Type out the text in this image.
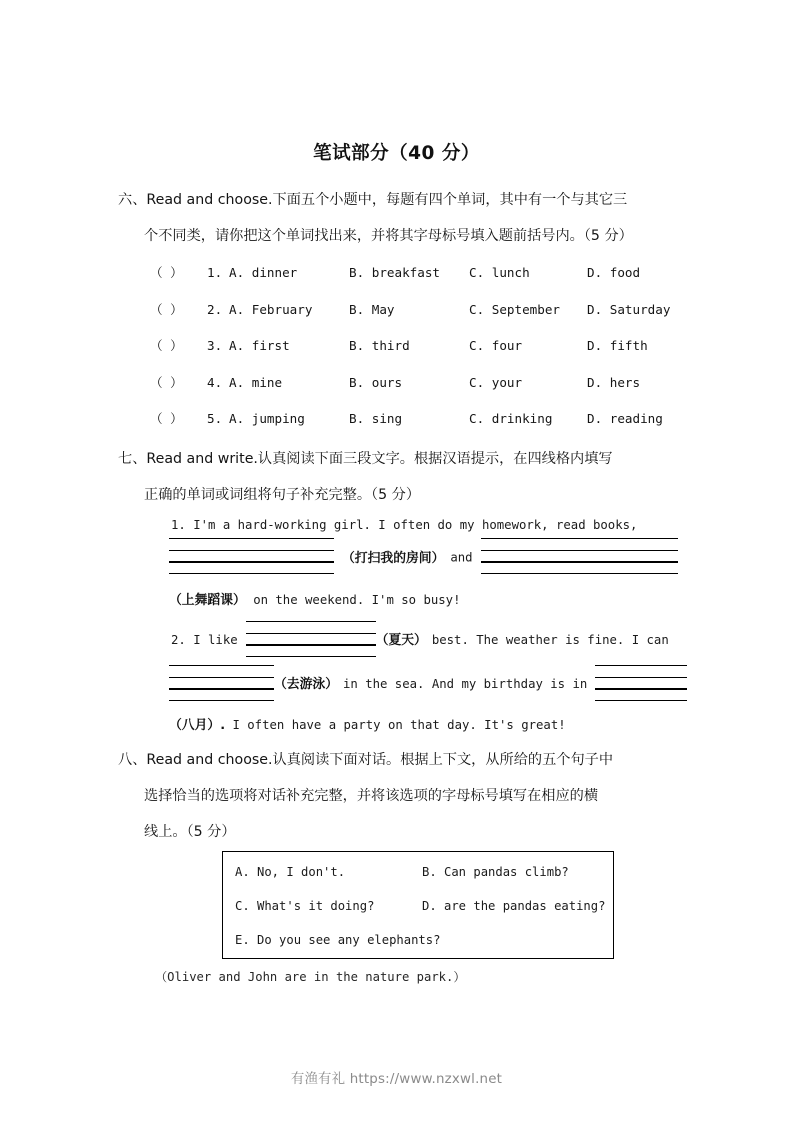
笔试部分（40 分）
六、Read and choose.下面五个小题中，每题有四个单词，其中有一个与其它三
个不同类，请你把这个单词找出来，并将其字母标号填入题前括号内。（5 分）
（ ） 1. A. dinner	B. breakfast C. lunch	D. food
（ ） 2. A. February	B. May	C. September D. Saturday
（ ） 3. A. first	B. third	C. four	D. fifth
（ ） 4. A. mine	B. ours	C. your	D. hers
（ ） 5. A. jumping	B. sing	C. drinking	D. reading
七、Read and write.认真阅读下面三段文字。根据汉语提示，在四线格内填写
正确的单词或词组将句子补充完整。（5 分）
1. I'm a hard-working girl. I often do my homework, read books,
（打扫我的房间） and
（上舞蹈课） on the weekend. I'm so busy!
2. I like	（夏天） best. The weather is fine. I can
（去游泳） in the sea. And my birthday is in
（八月）. I often have a party on that day. It's great!
八、Read and choose.认真阅读下面对话。根据上下文，从所给的五个句子中
选择恰当的选项将对话补充完整，并将该选项的字母标号填写在相应的横
线上。（5 分）
A. No, I don't.	B. Can pandas climb?
C. What's it doing?	D. are the pandas eating?
E. Do you see any elephants?
（Oliver and John are in the nature park.）
有渔有礼 https://www.nzxwl.net
